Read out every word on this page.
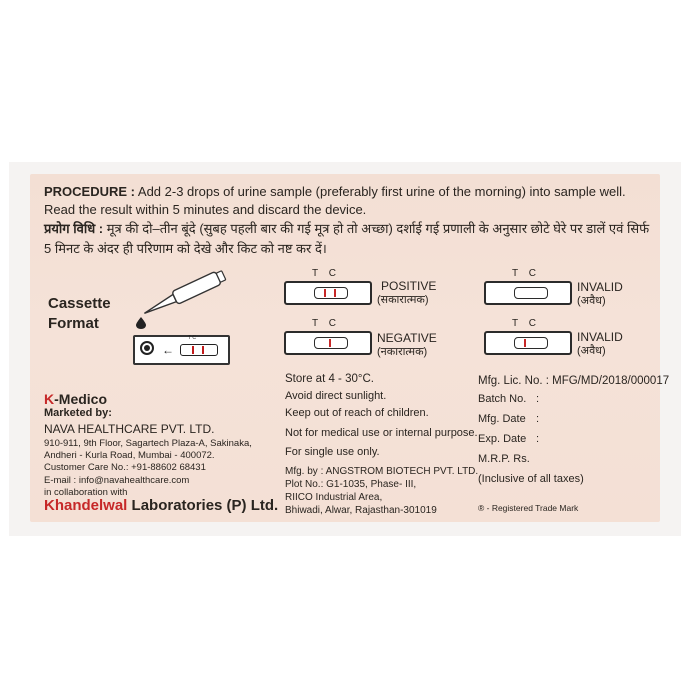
PROCEDURE : Add 2-3 drops of urine sample (preferably first urine of the morning) into sample well. Read the result within 5 minutes and discard the device.
प्रयोग विधि : मूत्र की दो–तीन बूंदे (सुबह पहली बार की गई मूत्र हो तो अच्छा) दर्शाई गई प्रणाली के अनुसार छोटे घेरे पर डालें एवं सिर्फ 5 मिनट के अंदर ही परिणाम को देखे और किट को नष्ट कर दें।
Cassette
Format
←
T C
T C
POSITIVE
(सकारात्मक)
T C
INVALID
(अवैध)
T C
NEGATIVE
(नकारात्मक)
T C
INVALID
(अवैध)
Store at 4 - 30°C.
Avoid direct sunlight.
Keep out of reach of children.
Not for medical use or internal purpose.
For single use only.
Mfg. by : ANGSTROM BIOTECH PVT. LTD.
Plot No.: G1-1035, Phase- III,
RIICO Industrial Area,
Bhiwadi, Alwar, Rajasthan-301019
Mfg. Lic. No. : MFG/MD/2018/000017
Batch No. :
Mfg. Date :
Exp. Date :
M.R.P. Rs.
(Inclusive of all taxes)
K-Medico
Marketed by:
NAVA HEALTHCARE PVT. LTD.
910-911, 9th Floor, Sagartech Plaza-A, Sakinaka,
Andheri - Kurla Road, Mumbai - 400072.
Customer Care No.: +91-88602 68431
E-mail : info@navahealthcare.com
in collaboration with
Khandelwal Laboratories (P) Ltd.	® - Registered Trade Mark
